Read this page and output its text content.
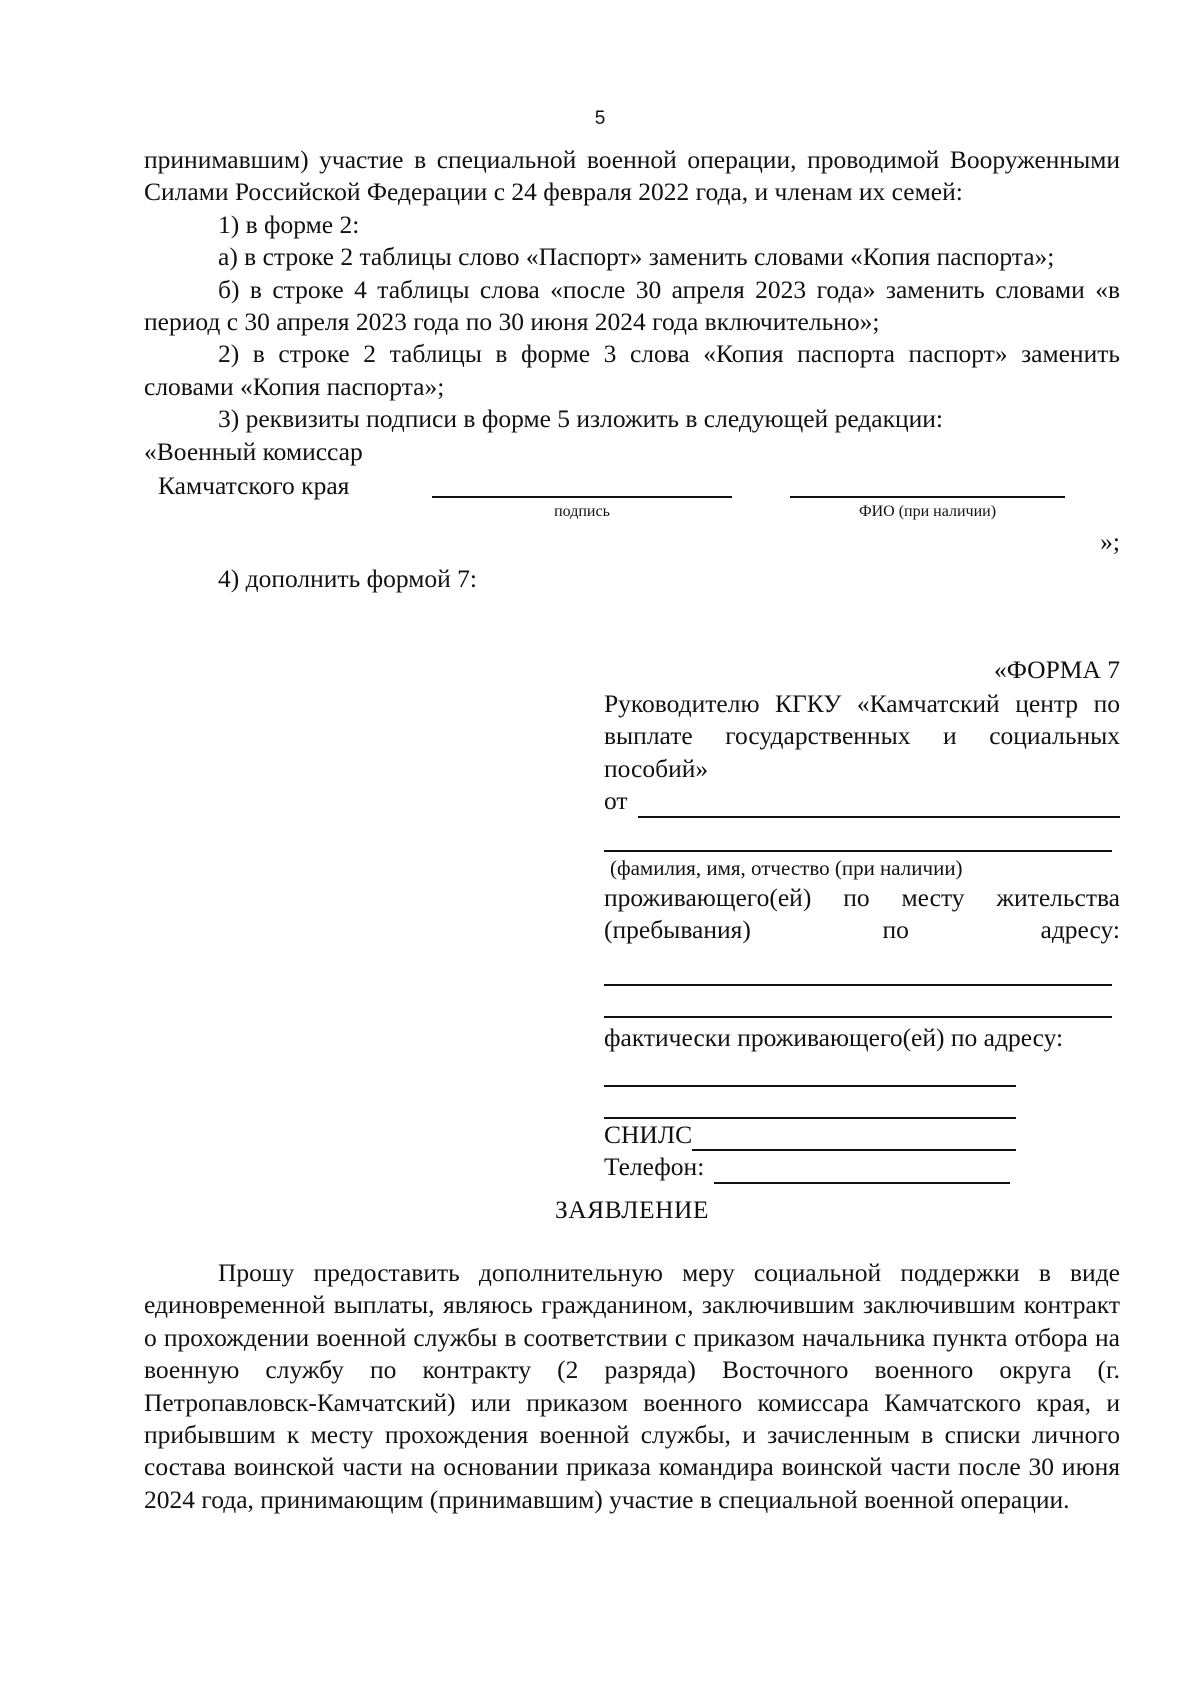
5

принимавшим) участие в специальной военной операции, проводимой Вооруженными Силами Российской Федерации с 24 февраля 2022 года, и членам их семей:

1) в форме 2:

а) в строке 2 таблицы слово «Паспорт» заменить словами «Копия паспорта»;

б) в строке 4 таблицы слова «после 30 апреля 2023 года» заменить словами «в период с 30 апреля 2023 года по 30 июня 2024 года включительно»;

2) в строке 2 таблицы в форме 3 слова «Копия паспорта паспорт» заменить словами «Копия паспорта»;

3) реквизиты подписи в форме 5 изложить в следующей редакции:

«Военный комиссар
Камчатского края
подпись	ФИО (при наличии)
»;
4) дополнить формой 7:
«ФОРМА 7

Руководителю КГКУ «Камчатский центр по выплате государственных и социальных пособий»

от

(фамилия, имя, отчество (при наличии)

проживающего(ей) по месту жительства (пребывания) по адресу:

фактически проживающего(ей) по адресу:

СНИЛС
Телефон:
ЗАЯВЛЕНИЕ

Прошу предоставить дополнительную меру социальной поддержки в виде единовременной выплаты, являюсь гражданином, заключившим заключившим контракт о прохождении военной службы в соответствии с приказом начальника пункта отбора на военную службу по контракту (2 разряда) Восточного военного округа (г. Петропавловск-Камчатский) или приказом военного комиссара Камчатского края, и прибывшим к месту прохождения военной службы, и зачисленным в списки личного состава воинской части на основании приказа командира воинской части после 30 июня 2024 года, принимающим (принимавшим) участие в специальной военной операции.
